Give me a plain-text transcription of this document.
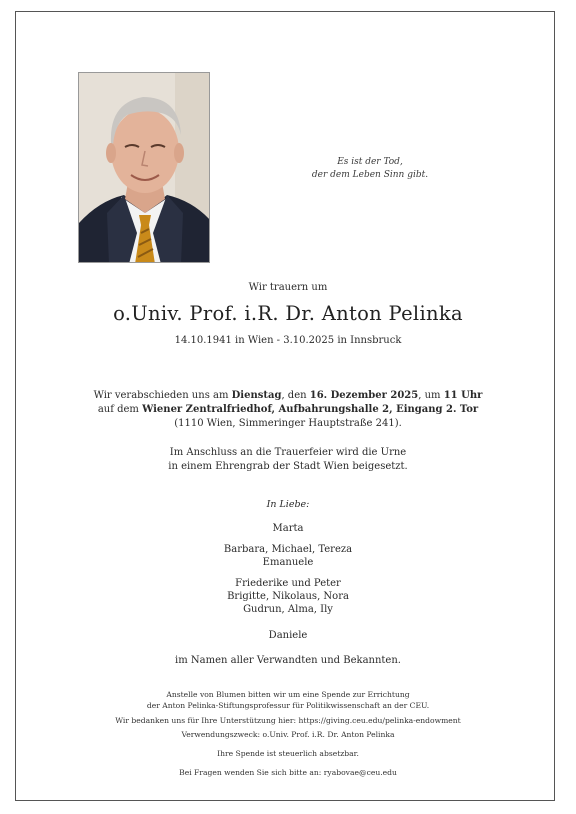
Es ist der Tod,
der dem Leben Sinn gibt.
Wir trauern um
o.Univ. Prof. i.R. Dr. Anton Pelinka
14.10.1941 in Wien - 3.10.2025 in Innsbruck
Wir verabschieden uns am Dienstag, den 16. Dezember 2025, um 11 Uhr
auf dem Wiener Zentralfriedhof, Aufbahrungshalle 2, Eingang 2. Tor
(1110 Wien, Simmeringer Hauptstraße 241).
Im Anschluss an die Trauerfeier wird die Urne
in einem Ehrengrab der Stadt Wien beigesetzt.
In Liebe:
Marta
Barbara, Michael, Tereza
Emanuele
Friederike und Peter
Brigitte, Nikolaus, Nora
Gudrun, Alma, Ily
Daniele
im Namen aller Verwandten und Bekannten.
Anstelle von Blumen bitten wir um eine Spende zur Errichtung
der Anton Pelinka-Stiftungsprofessur für Politikwissenschaft an der CEU.
Wir bedanken uns für Ihre Unterstützung hier: https://giving.ceu.edu/pelinka-endowment
Verwendungszweck: o.Univ. Prof. i.R. Dr. Anton Pelinka
Ihre Spende ist steuerlich absetzbar.
Bei Fragen wenden Sie sich bitte an: ryabovae@ceu.edu
